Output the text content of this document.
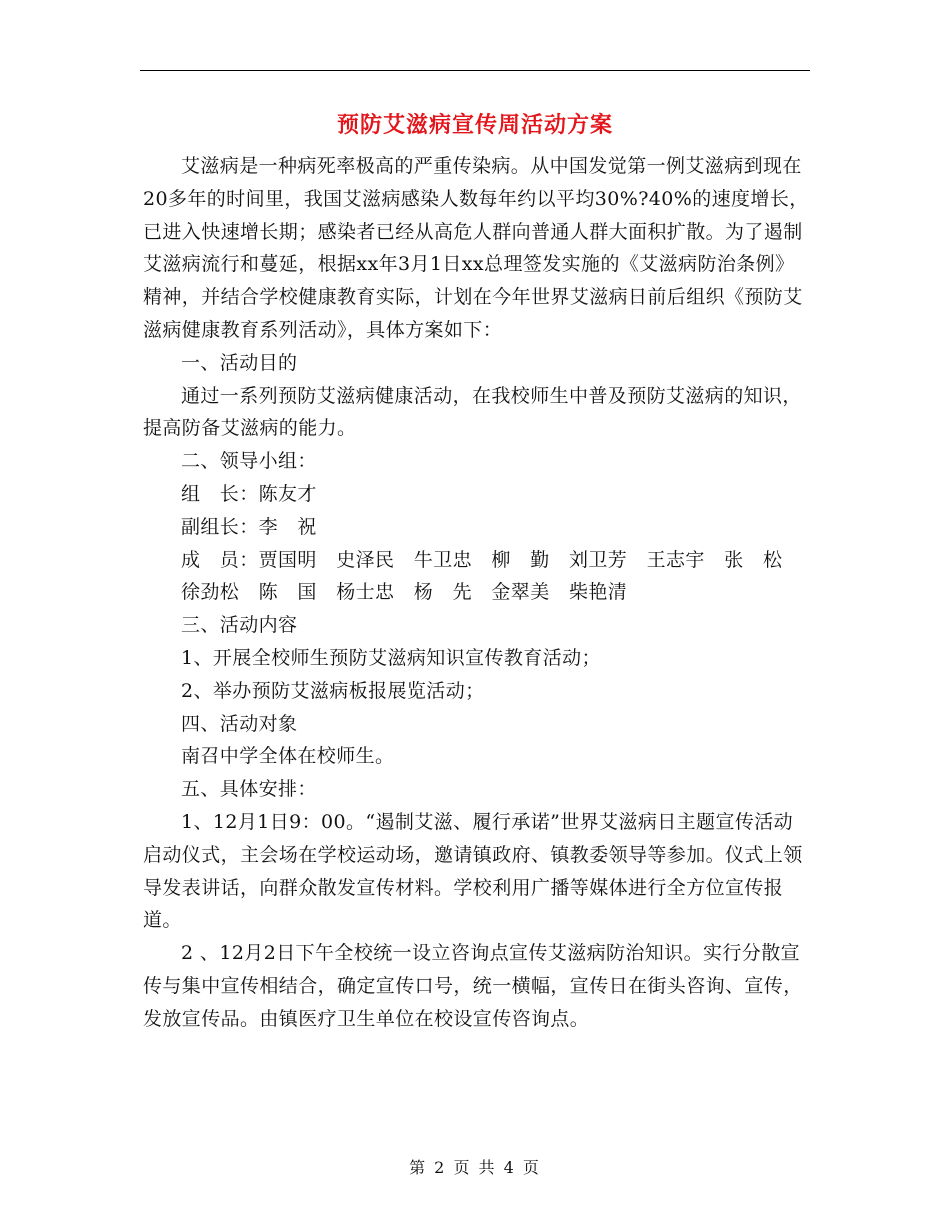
预防艾滋病宣传周活动方案

艾滋病是一种病死率极高的严重传染病。从中国发觉第一例艾滋病到现在20多年的时间里，我国艾滋病感染人数每年约以平均30%?40%的速度增长，已进入快速增长期；感染者已经从高危人群向普通人群大面积扩散。为了遏制艾滋病流行和蔓延，根据xx年3月1日xx总理签发实施的《艾滋病防治条例》精神，并结合学校健康教育实际，计划在今年世界艾滋病日前后组织《预防艾滋病健康教育系列活动》，具体方案如下：

一、活动目的

通过一系列预防艾滋病健康活动，在我校师生中普及预防艾滋病的知识，提高防备艾滋病的能力。

二、领导小组：

组　长：陈友才

副组长：李　祝

成　员：贾国明　史泽民　牛卫忠　柳　勤　刘卫芳　王志宇　张　松

徐劲松　陈　国　杨士忠　杨　先　金翠美　柴艳清

三、活动内容

1、开展全校师生预防艾滋病知识宣传教育活动；

2、举办预防艾滋病板报展览活动；

四、活动对象

南召中学全体在校师生。

五、具体安排：

1、12月1日9：00。“遏制艾滋、履行承诺”世界艾滋病日主题宣传活动启动仪式，主会场在学校运动场，邀请镇政府、镇教委领导等参加。仪式上领导发表讲话，向群众散发宣传材料。学校利用广播等媒体进行全方位宣传报道。

2 、12月2日下午全校统一设立咨询点宣传艾滋病防治知识。实行分散宣传与集中宣传相结合，确定宣传口号，统一横幅，宣传日在街头咨询、宣传，发放宣传品。由镇医疗卫生单位在校设宣传咨询点。

第 2 页 共 4 页
